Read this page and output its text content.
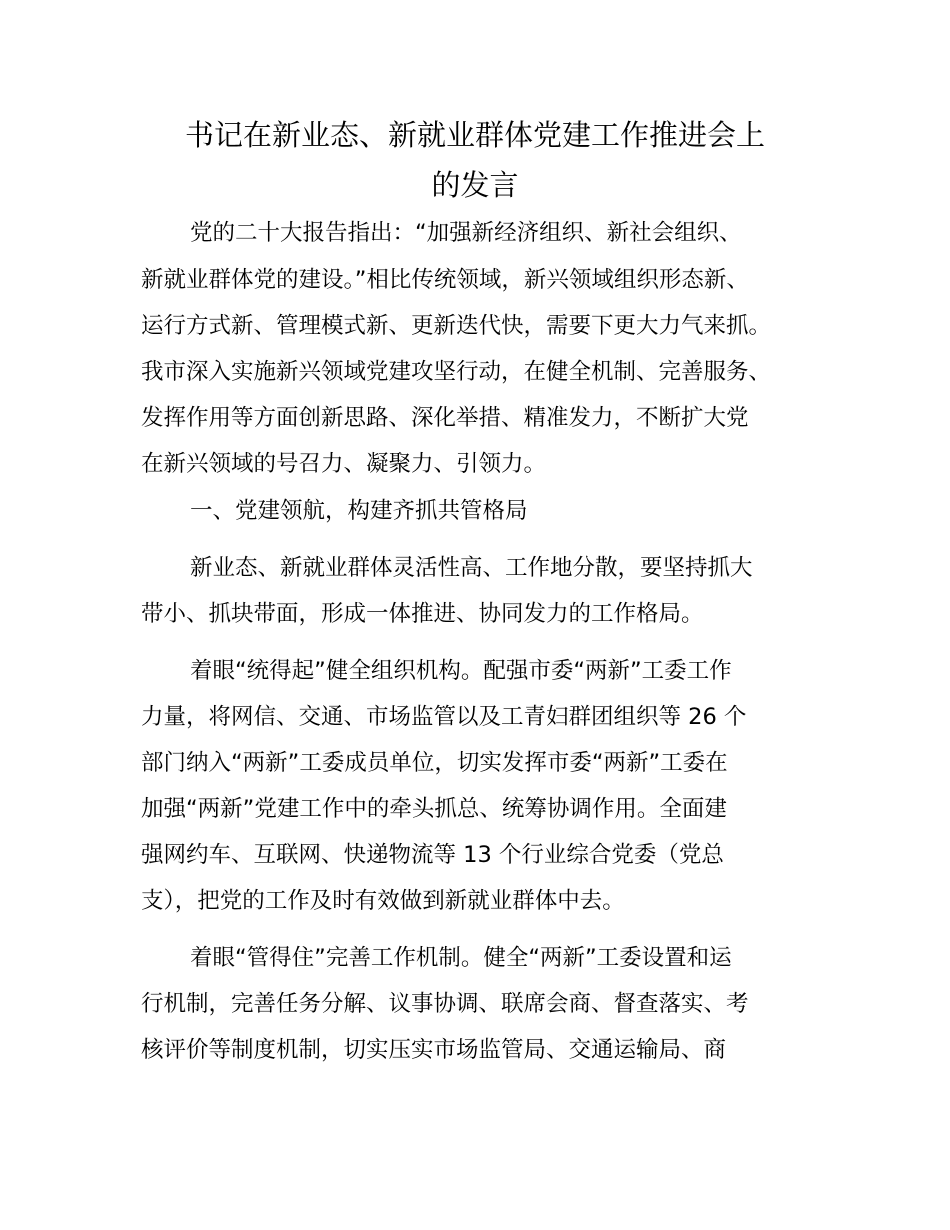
书记在新业态、新就业群体党建工作推进会上
的发言

党的二十大报告指出：“加强新经济组织、新社会组织、

新就业群体党的建设。”相比传统领域，新兴领域组织形态新、

运行方式新、管理模式新、更新迭代快，需要下更大力气来抓。

我市深入实施新兴领域党建攻坚行动，在健全机制、完善服务、

发挥作用等方面创新思路、深化举措、精准发力，不断扩大党

在新兴领域的号召力、凝聚力、引领力。

一、党建领航，构建齐抓共管格局

新业态、新就业群体灵活性高、工作地分散，要坚持抓大

带小、抓块带面，形成一体推进、协同发力的工作格局。

着眼“统得起”健全组织机构。配强市委“两新”工委工作

力量，将网信、交通、市场监管以及工青妇群团组织等 26 个

部门纳入“两新”工委成员单位，切实发挥市委“两新”工委在

加强“两新”党建工作中的牵头抓总、统筹协调作用。全面建

强网约车、互联网、快递物流等 13 个行业综合党委（党总

支），把党的工作及时有效做到新就业群体中去。

着眼“管得住”完善工作机制。健全“两新”工委设置和运

行机制，完善任务分解、议事协调、联席会商、督查落实、考

核评价等制度机制，切实压实市场监管局、交通运输局、商
